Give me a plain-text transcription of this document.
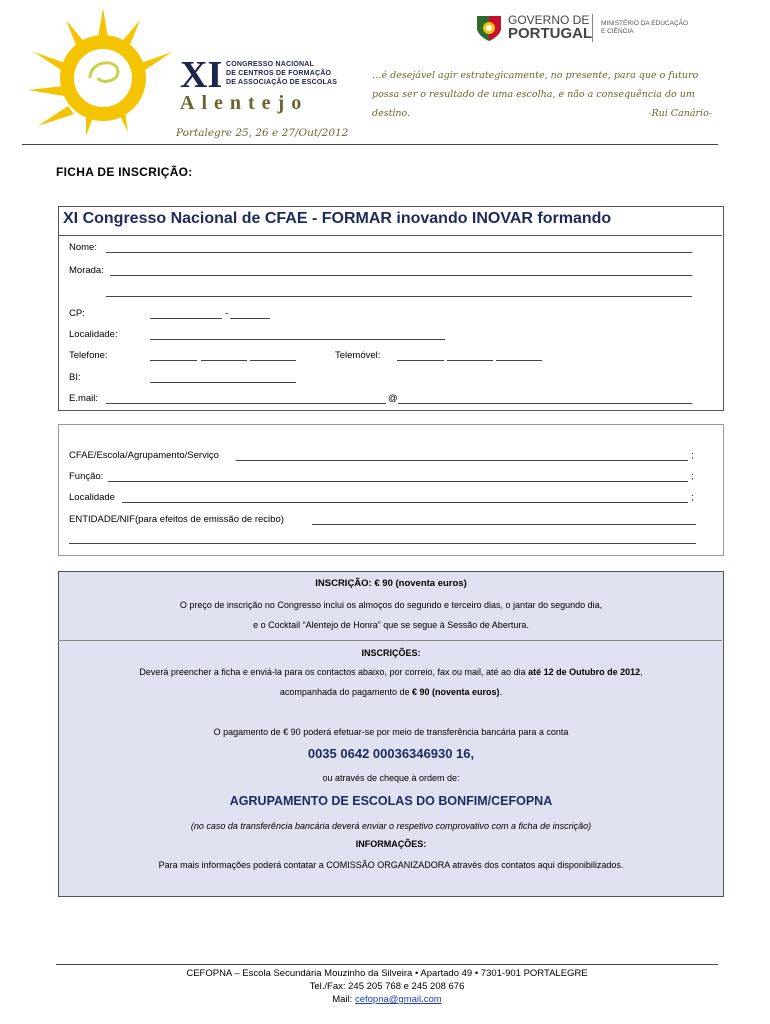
XI CONGRESSO NACIONAL
DE CENTROS DE FORMAÇÃO
DE ASSOCIAÇÃO DE ESCOLAS
Alentejo
Portalegre 25, 26 e 27/Out/2012
GOVERNO DE
PORTUGAL
MINISTÉRIO DA EDUCAÇÃO
E CIÊNCIA
…é desejável agir estrategicamente, no presente, para que o futuro possa ser o resultado de uma escolha, e não a consequência do um destino.	-Rui Canário-
FICHA DE INSCRIÇÃO:
XI Congresso Nacional de CFAE - FORMAR inovando INOVAR formando
Nome:
Morada:
CP:	-
Localidade:
Telefone:	Telemóvel:
BI:
E.mail:	@
CFAE/Escola/Agrupamento/Serviço	;
Função:	;
Localidade	;
ENTIDADE/NIF(para efeitos de emissão de recibo)
INSCRIÇÃO: € 90 (noventa euros)
O preço de inscrição no Congresso inclui os almoços do segundo e terceiro dias, o jantar do segundo dia,
e o Cocktail “Alentejo de Honra” que se segue à Sessão de Abertura.
INSCRIÇÕES:
Deverá preencher a ficha e enviá-la para os contactos abaixo, por correio, fax ou mail, até ao dia até 12 de Outubro de 2012,
acompanhada do pagamento de € 90 (noventa euros).
O pagamento de € 90 poderá efetuar-se por meio de transferência bancária para a conta
0035 0642 00036346930 16,
ou através de cheque à ordem de:
AGRUPAMENTO DE ESCOLAS DO BONFIM/CEFOPNA
(no caso da transferência bancária deverá enviar o respetivo comprovativo com a ficha de inscrição)
INFORMAÇÕES:
Para mais informações poderá contatar a COMISSÃO ORGANIZADORA através dos contatos aqui disponibilizados.
CEFOPNA – Escola Secundária Mouzinho da Silveira • Apartado 49 • 7301-901 PORTALEGRE
Tel./Fax: 245 205 768 e 245 208 676
Mail: cefopna@gmail.com
